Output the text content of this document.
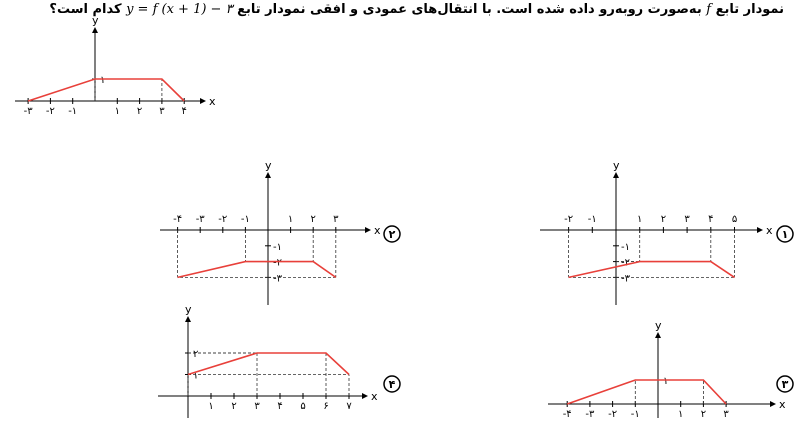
نمودار تابع f به‌صورت روبه‌رو داده شده است. با انتقال‌های عمودی و افقی نمودار تابع y = f (x + 1) − ۳ کدام است؟
x
y
-۳ -۲ -۱	۱ ۲ ۳ ۴
۱
x
y
-۲ -۱	۱ ۲ ۳ ۴ ۵
-۱
-۲
-۳
۱
x
y
-۴ -۳ -۲ -۱	۱ ۲ ۳
-۱
-۲
-۳
۲
x
y
-۴ -۳ -۲ -۱	۱ ۲ ۳
۱	۳
x
y
۱ ۲ ۳ ۴ ۵ ۶ ۷
۱
۲
۴
